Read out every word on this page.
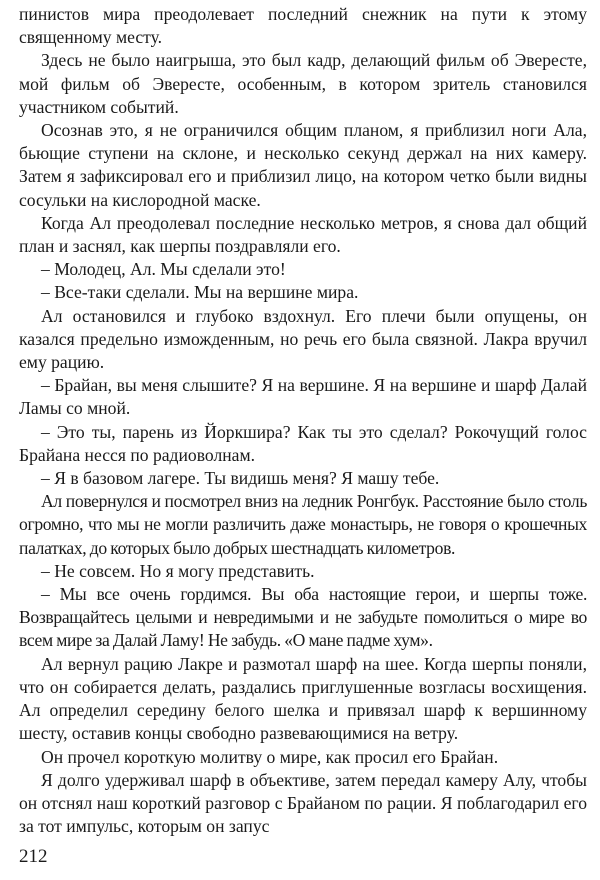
пинистов мира преодолевает последний снежник на пути к этому священному месту.

Здесь не было наигрыша, это был кадр, делающий фильм об Эвересте, мой фильм об Эвересте, особенным, в котором зритель становился участником событий.

Осознав это, я не ограничился общим планом, я приблизил ноги Ала, бьющие ступени на склоне, и несколько секунд держал на них камеру. Затем я зафиксировал его и приблизил лицо, на котором четко были видны сосульки на кислородной маске.

Когда Ал преодолевал последние несколько метров, я снова дал общий план и заснял, как шерпы поздравляли его.

– Молодец, Ал. Мы сделали это!

– Все-таки сделали. Мы на вершине мира.

Ал остановился и глубоко вздохнул. Его плечи были опущены, он казался предельно изможденным, но речь его была связной. Лакра вручил ему рацию.

– Брайан, вы меня слышите? Я на вершине. Я на вершине и шарф Далай Ламы со мной.

– Это ты, парень из Йоркшира? Как ты это сделал? Рокочущий голос Брайана несся по радиоволнам.

– Я в базовом лагере. Ты видишь меня? Я машу тебе.

Ал повернулся и посмотрел вниз на ледник Ронгбук. Расстояние было столь огромно, что мы не могли различить даже монастырь, не говоря о крошечных палатках, до которых было добрых шестнадцать километров.

– Не совсем. Но я могу представить.

– Мы все очень гордимся. Вы оба настоящие герои, и шерпы тоже. Возвращайтесь целыми и невредимыми и не забудьте помолиться о мире во всем мире за Далай Ламу! Не забудь. «О мане падме хум».

Ал вернул рацию Лакре и размотал шарф на шее. Когда шерпы поняли, что он собирается делать, раздались приглушенные возгласы восхищения. Ал определил середину белого шелка и привязал шарф к вершинному шесту, оставив концы свободно развевающимися на ветру.

Он прочел короткую молитву о мире, как просил его Брайан.

Я долго удерживал шарф в объективе, затем передал камеру Алу, чтобы он отснял наш короткий разговор с Брайаном по рации. Я поблагодарил его за тот импульс, которым он запус

212
